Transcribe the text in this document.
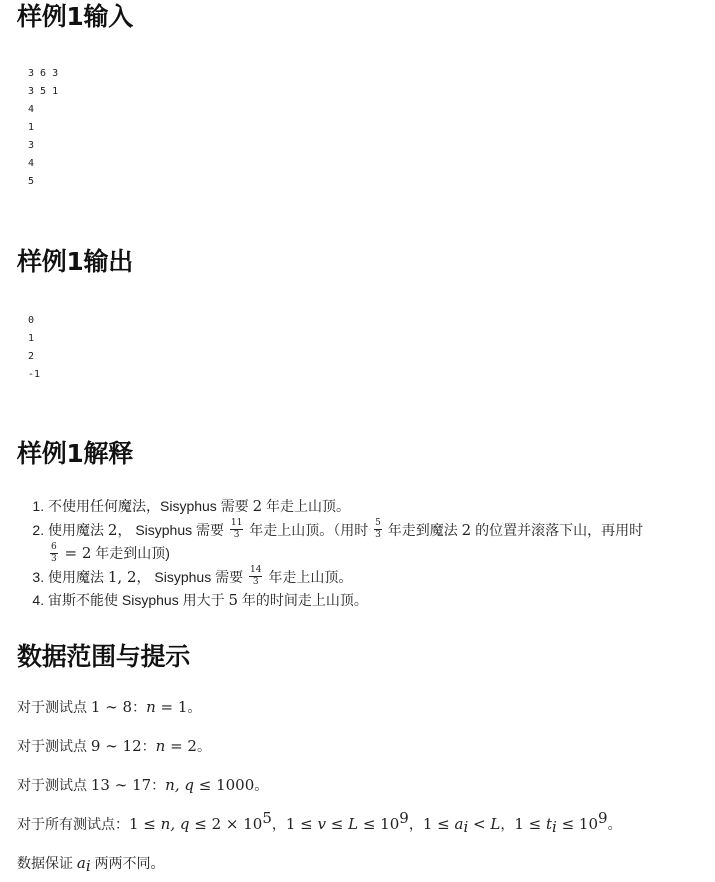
样例1输入
3 6 3
3 5 1
4
1
3
4
5
样例1输出
0
1
2
-1
样例1解释
1. 不使用任何魔法，Sisyphus 需要 2 年走上山顶。
2. 使用魔法 2， Sisyphus 需要 $\frac{11}{3}$ 年走上山顶。（用时 $\frac{5}{3}$ 年走到魔法 2 的位置并滚落下山，再用时

$\frac{6}{3} = 2$ 年走到山顶)
3. 使用魔法 1, 2， Sisyphus 需要 $\frac{14}{3}$ 年走上山顶。
4. 宙斯不能使 Sisyphus 用大于 5 年的时间走上山顶。
数据范围与提示

对于测试点 1 ∼ 8：n = 1。

对于测试点 9 ∼ 12：n = 2。

对于测试点 13 ∼ 17：n, q ≤ 1000。

对于所有测试点：1 ≤ n, $q \le 2 \times 10^5$，$1 \le v \le L \le 10^9$，$1 \le a_i < L$，$1 \le t_i \le 10^9$。

数据保证 $a_i$ 两两不同。
